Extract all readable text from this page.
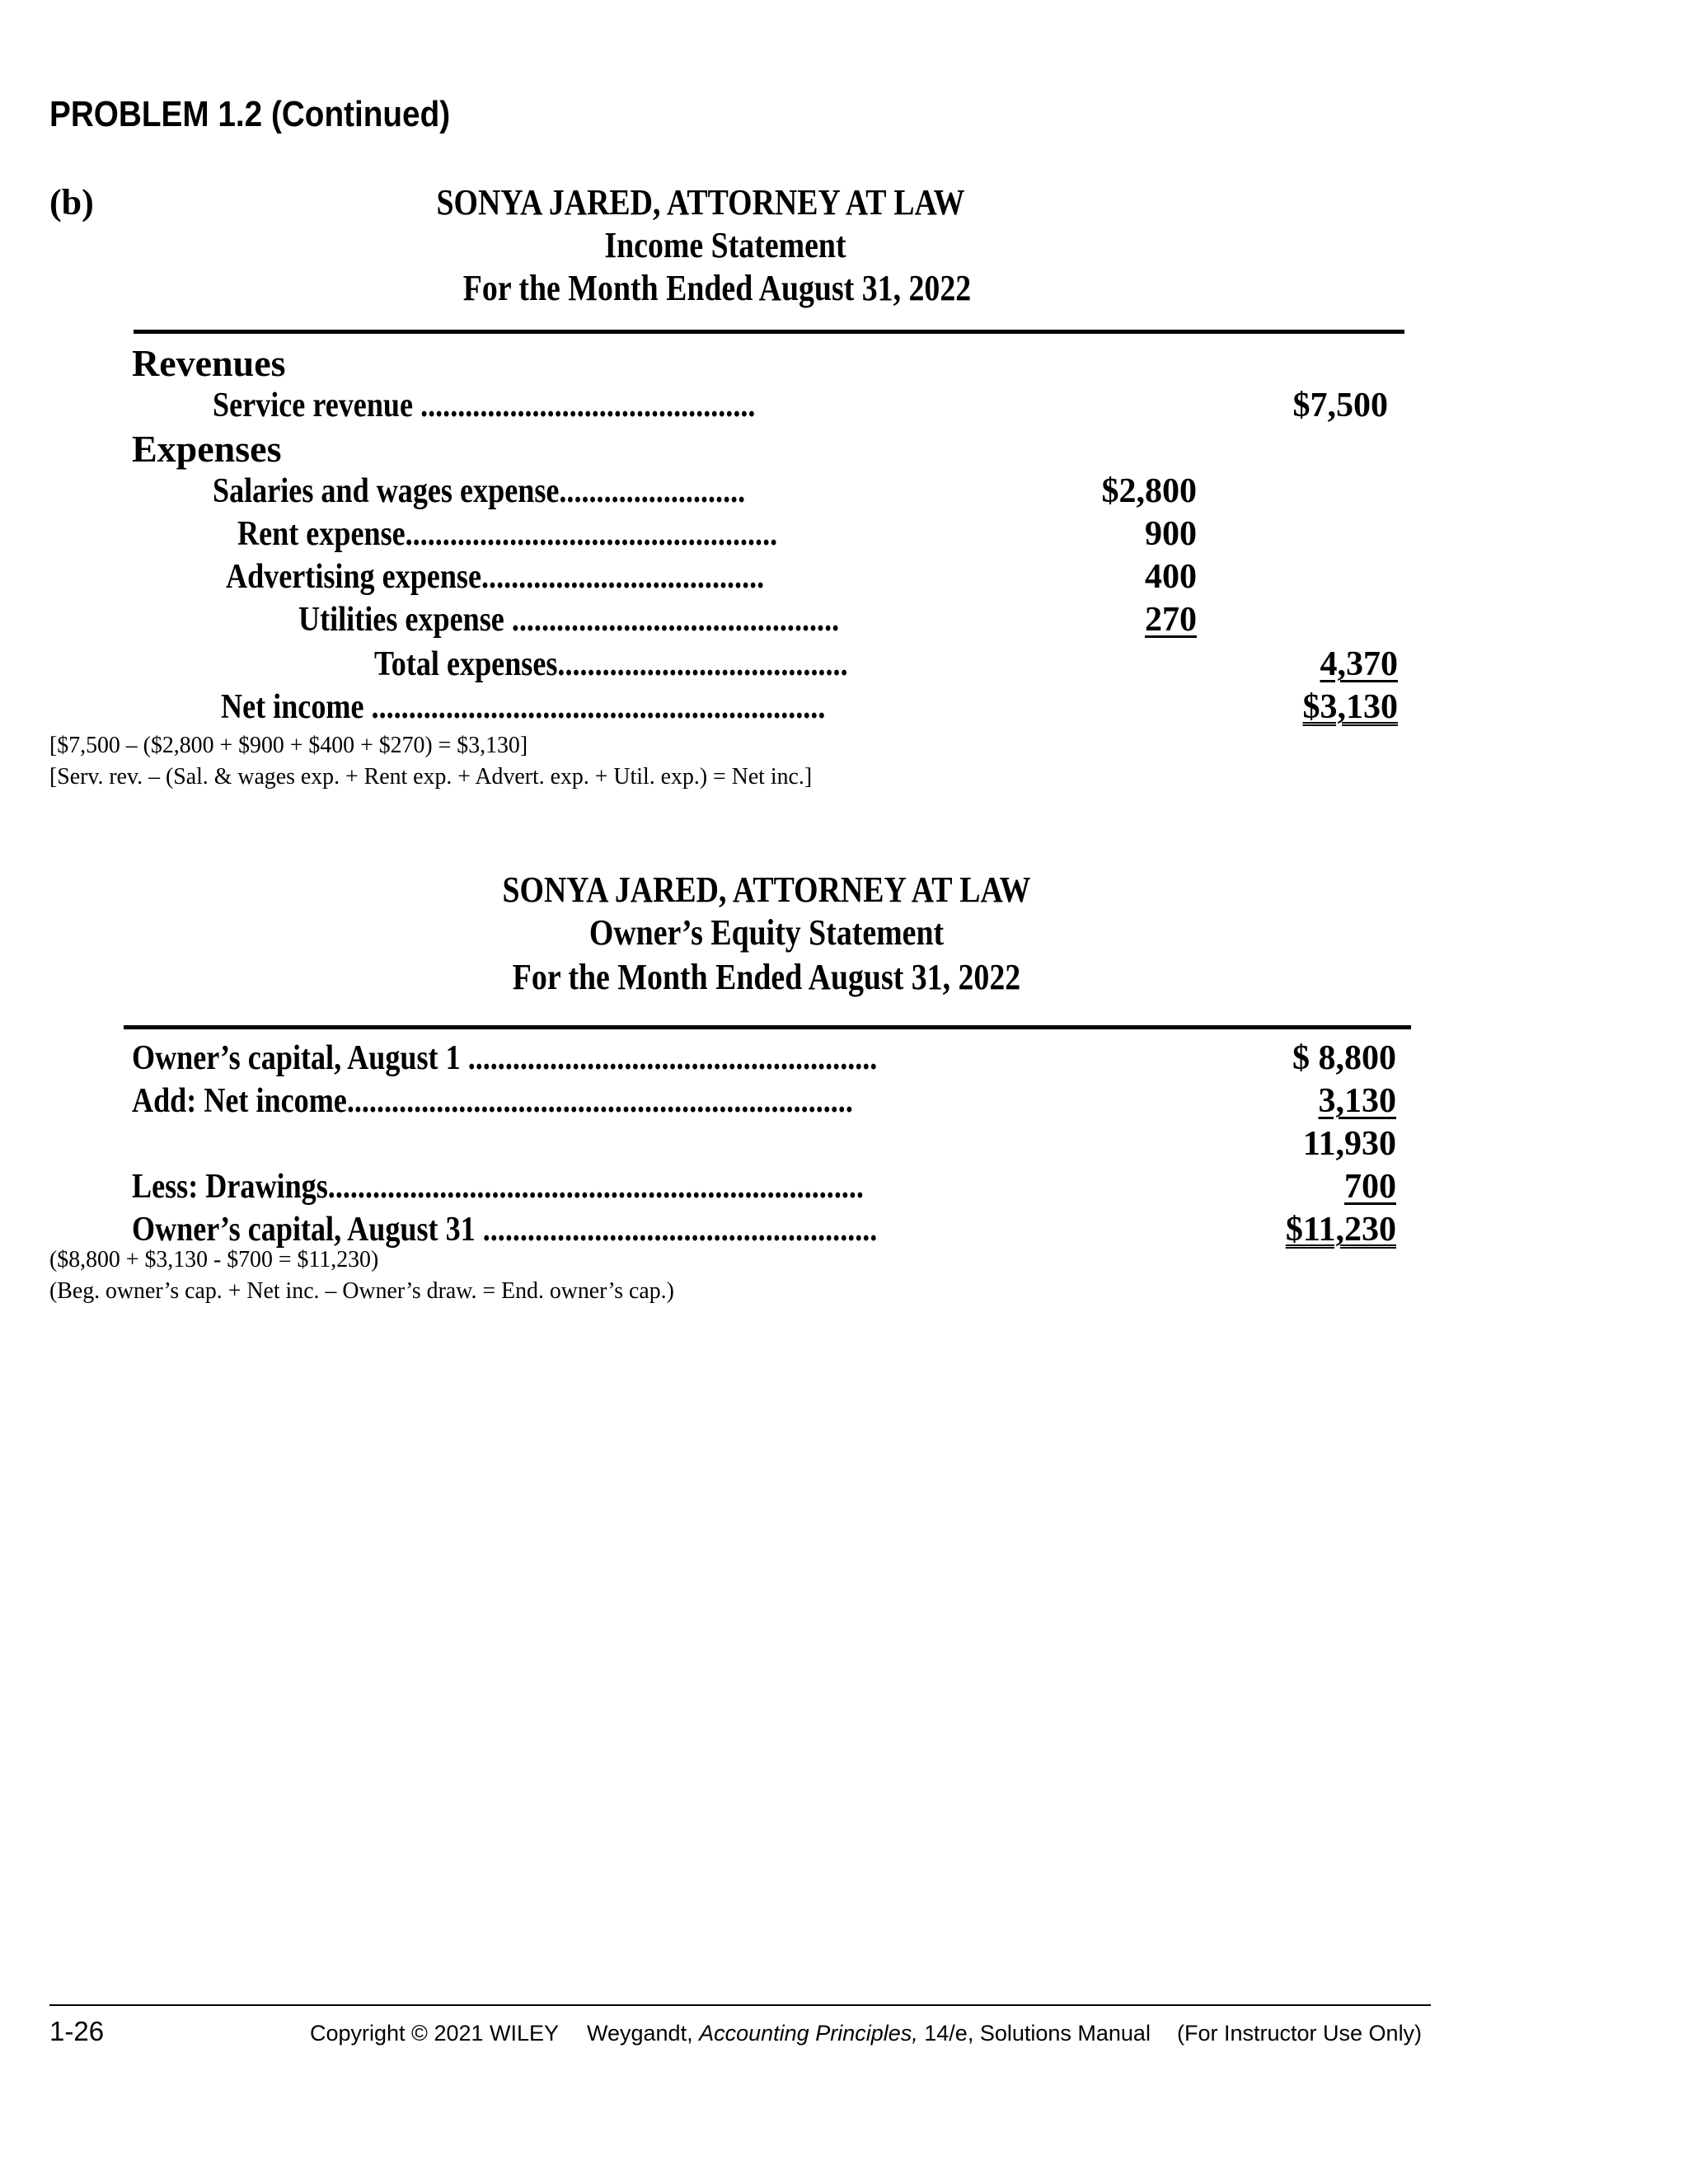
PROBLEM 1.2 (Continued)
(b)	SONYA JARED, ATTORNEY AT LAW
Income Statement
For the Month Ended August 31, 2022
Revenues
Service revenue .............................................	$7,500
Expenses
Salaries and wages expense.........................	$2,800
Rent expense..................................................	900
Advertising expense......................................	400
Utilities expense ............................................	270
Total expenses.......................................	4,370
Net income .............................................................	$3,130
[$7,500 – ($2,800 + $900 + $400 + $270) = $3,130]
[Serv. rev. – (Sal. & wages exp. + Rent exp. + Advert. exp. + Util. exp.) = Net inc.]
SONYA JARED, ATTORNEY AT LAW
Owner’s Equity Statement
For the Month Ended August 31, 2022
Owner’s capital, August 1 .......................................................	$ 8,800
Add: Net income....................................................................	3,130
11,930
Less: Drawings........................................................................	700
Owner’s capital, August 31 .....................................................	$11,230
($8,800 + $3,130 - $700 = $11,230)
(Beg. owner’s cap. + Net inc. – Owner’s draw. = End. owner’s cap.)
1-26	Copyright © 2021 WILEY Weygandt, Accounting Principles, 14/e, Solutions Manual (For Instructor Use Only)
